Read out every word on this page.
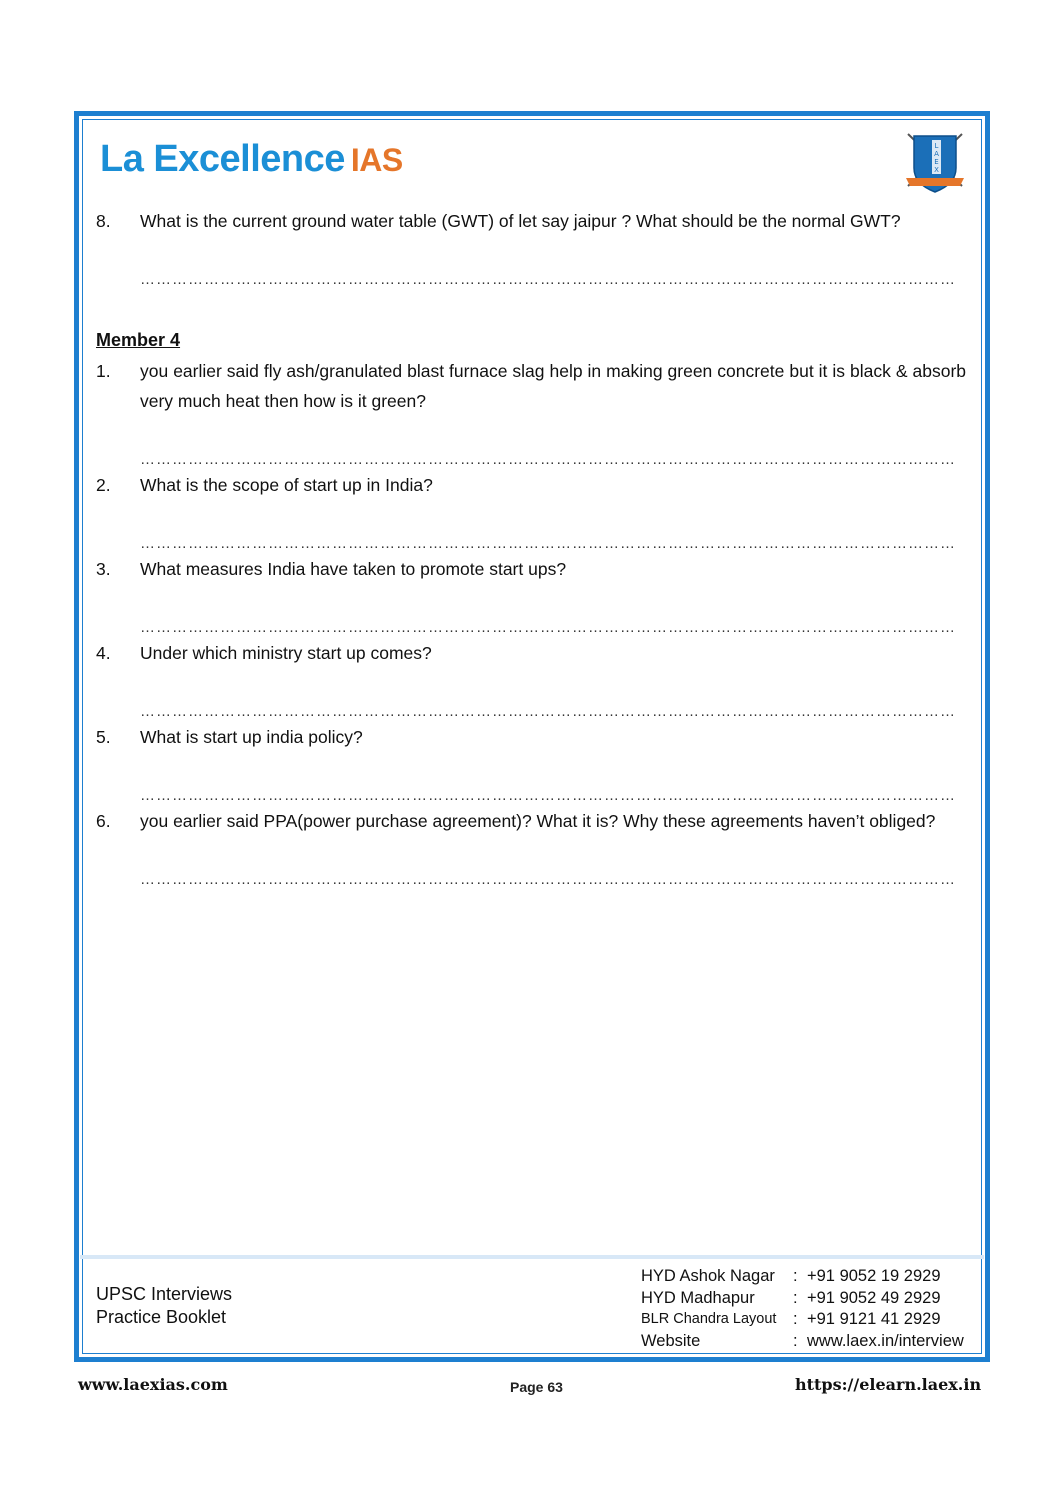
La Excellence IAS	L
A
E
X
8. What is the current ground water table (GWT) of let say jaipur ? What should be the normal GWT?
………………………………………………………………………………………………………………………………………
Member 4
1. you earlier said fly ash/granulated blast furnace slag help in making green concrete but it is black & absorb very much heat then how is it green?
………………………………………………………………………………………………………………………………………
2. What is the scope of start up in India?
………………………………………………………………………………………………………………………………………
3. What measures India have taken to promote start ups?
………………………………………………………………………………………………………………………………………
4. Under which ministry start up comes?
………………………………………………………………………………………………………………………………………
5. What is start up india policy?
………………………………………………………………………………………………………………………………………
6. you earlier said PPA(power purchase agreement)? What it is? Why these agreements haven’t obliged?
………………………………………………………………………………………………………………………………………
UPSC Interviews
Practice Booklet
HYD Ashok Nagar	: +91 9052 19 2929
HYD Madhapur	: +91 9052 49 2929
BLR Chandra Layout	: +91 9121 41 2929
Website	: www.laex.in/interview
www.laexias.com	Page 63	https://elearn.laex.in
